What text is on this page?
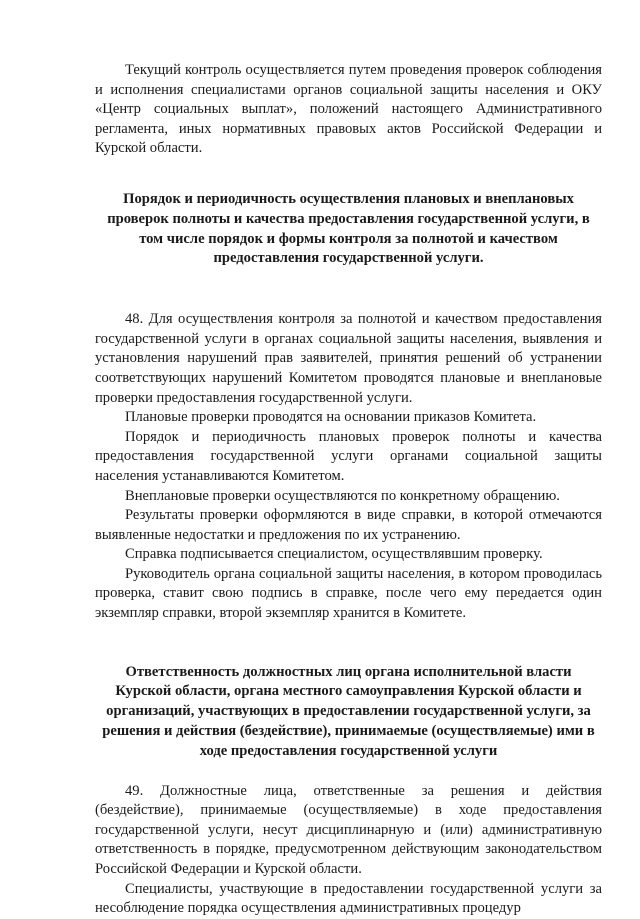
Текущий контроль осуществляется путем проведения проверок соблюдения и исполнения специалистами органов социальной защиты населения и ОКУ «Центр социальных выплат», положений настоящего Административного регламента, иных нормативных правовых актов Российской Федерации и Курской области.

Порядок и периодичность осуществления плановых и внеплановых проверок полноты и качества предоставления государственной услуги, в том числе порядок и формы контроля за полнотой и качеством предоставления государственной услуги.

48. Для осуществления контроля за полнотой и качеством предоставления государственной услуги в органах социальной защиты населения, выявления и установления нарушений прав заявителей, принятия решений об устранении соответствующих нарушений Комитетом проводятся плановые и внеплановые проверки предоставления государственной услуги.

Плановые проверки проводятся на основании приказов Комитета.

Порядок и периодичность плановых проверок полноты и качества предоставления государственной услуги органами социальной защиты населения устанавливаются Комитетом.

Внеплановые проверки осуществляются по конкретному обращению.

Результаты проверки оформляются в виде справки, в которой отмечаются выявленные недостатки и предложения по их устранению.

Справка подписывается специалистом, осуществлявшим проверку.

Руководитель органа социальной защиты населения, в котором проводилась проверка, ставит свою подпись в справке, после чего ему передается один экземпляр справки, второй экземпляр хранится в Комитете.

Ответственность должностных лиц органа исполнительной власти Курской области, органа местного самоуправления Курской области и организаций, участвующих в предоставлении государственной услуги, за решения и действия (бездействие), принимаемые (осуществляемые) ими в ходе предоставления государственной услуги

49. Должностные лица, ответственные за решения и действия (бездействие), принимаемые (осуществляемые) в ходе предоставления государственной услуги, несут дисциплинарную и (или) административную ответственность в порядке, предусмотренном действующим законодательством Российской Федерации и Курской области.

Специалисты, участвующие в предоставлении государственной услуги за несоблюдение порядка осуществления административных процедур
